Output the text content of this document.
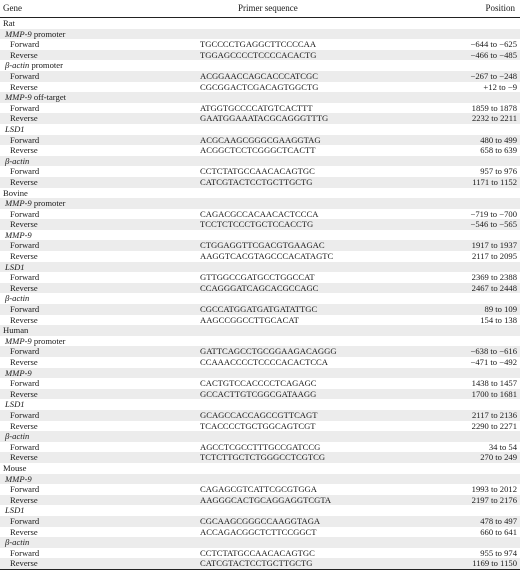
Gene	Primer sequence	Position
Rat
MMP-9 promoter
Forward	TGCCCCTGAGGCTTCCCCAA	−644 to −625
Reverse	TGGAGCCCCTCCCCACACTG	−466 to −485
β-actin promoter
Forward	ACGGAACCAGCACCCATCGC	−267 to −248
Reverse	CGCGGACTCGACAGTGGCTG	+12 to −9
MMP-9 off-target
Forward	ATGGTGCCCCATGTCACTTT	1859 to 1878
Reverse	GAATGGAAATACGCAGGGTTTG	2232 to 2211
LSD1
Forward	ACGCAAGCGGGCGAAGGTAG	480 to 499
Reverse	ACGGCTCCTCGGGCTCACTT	658 to 639
β-actin
Forward	CCTCTATGCCAACACAGTGC	957 to 976
Reverse	CATCGTACTCCTGCTTGCTG	1171 to 1152
Bovine
MMP-9 promoter
Forward	CAGACGCCACAACACTCCCA	−719 to −700
Reverse	TCCTCTCCCTGCTCCACCTG	−546 to −565
MMP-9
Forward	CTGGAGGTTCGACGTGAAGAC	1917 to 1937
Reverse	AAGGTCACGTAGCCCACATAGTC	2117 to 2095
LSD1
Forward	GTTGGCCGATGCCTGGCCAT	2369 to 2388
Reverse	CCAGGGATCAGCACGCCAGC	2467 to 2448
β-actin
Forward	CGCCATGGATGATGATATTGC	89 to 109
Reverse	AAGCCGGCCTTGCACAT	154 to 138
Human
MMP-9 promoter
Forward	GATTCAGCCTGCGGAAGACAGGG	−638 to −616
Reverse	CCAAACCCCTCCCCACACTCCA	−471 to −492
MMP-9
Forward	CACTGTCCACCCCTCAGAGC	1438 to 1457
Reverse	GCCACTTGTCGGCGATAAGG	1700 to 1681
LSD1
Forward	GCAGCCACCAGCCGTTCAGT	2117 to 2136
Reverse	TCACCCCTGCTGGCAGTCGT	2290 to 2271
β-actin
Forward	AGCCTCGCCTTTGCCGATCCG	34 to 54
Reverse	TCTCTTGCTCTGGGCCTCGTCG	270 to 249
Mouse
MMP-9
Forward	CAGAGCGTCATTCGCGTGGA	1993 to 2012
Reverse	AAGGGCACTGCAGGAGGTCGTA	2197 to 2176
LSD1
Forward	CGCAAGCGGGCCAAGGTAGA	478 to 497
Reverse	ACCAGACGGCTCTTCCGGCT	660 to 641
β-actin
Forward	CCTCTATGCCAACACAGTGC	955 to 974
Reverse	CATCGTACTCCTGCTTGCTG	1169 to 1150
